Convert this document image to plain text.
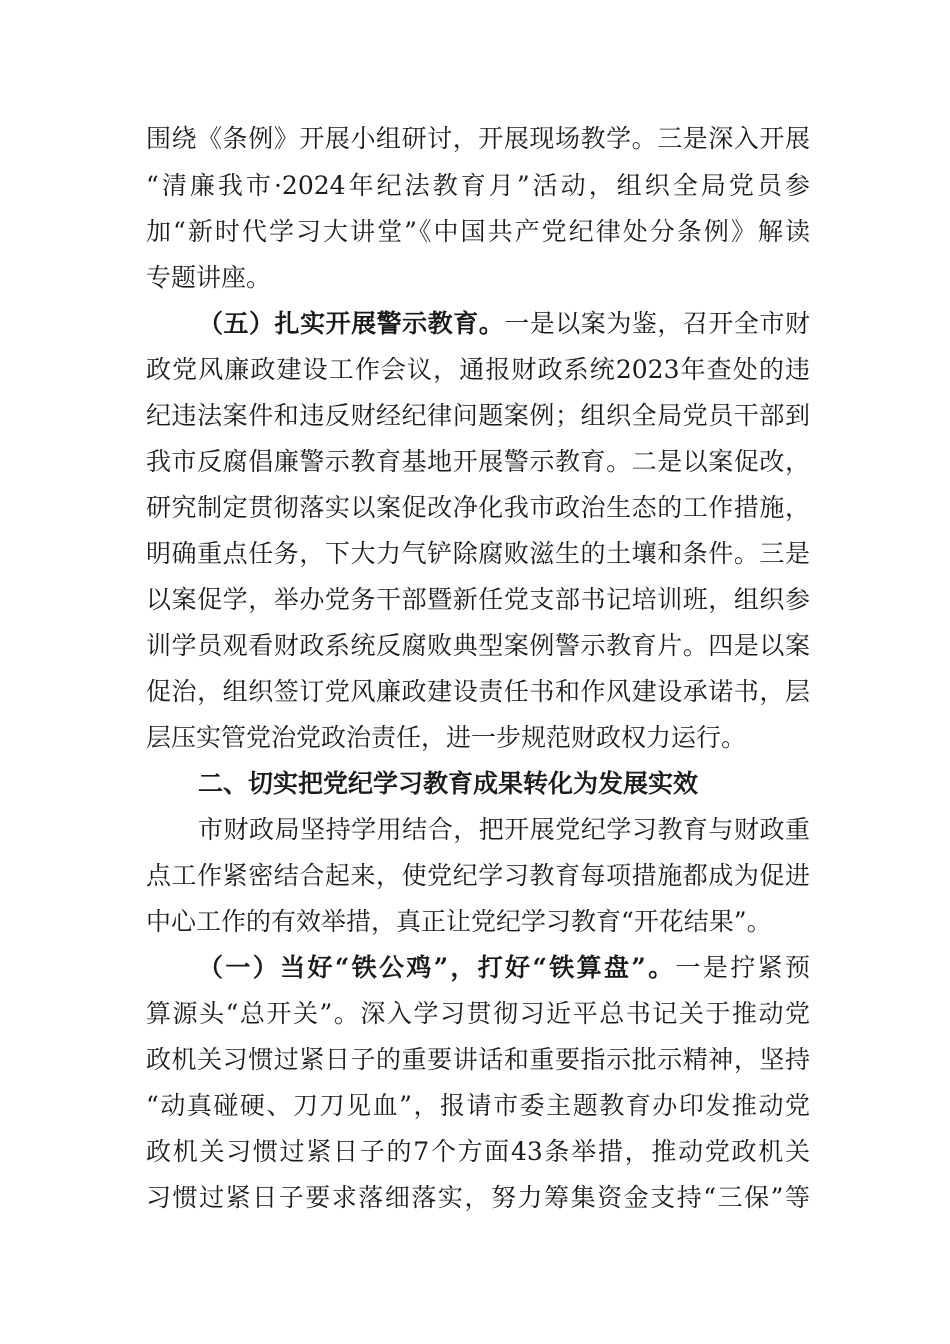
围绕《条例》开展小组研讨，开展现场教学。三是深入开展
“清廉我市·2024年纪法教育月”活动，组织全局党员参
加“新时代学习大讲堂”《中国共产党纪律处分条例》解读
专题讲座。
（五）扎实开展警示教育。一是以案为鉴，召开全市财
政党风廉政建设工作会议，通报财政系统2023年查处的违
纪违法案件和违反财经纪律问题案例；组织全局党员干部到
我市反腐倡廉警示教育基地开展警示教育。二是以案促改，
研究制定贯彻落实以案促改净化我市政治生态的工作措施，
明确重点任务，下大力气铲除腐败滋生的土壤和条件。三是
以案促学，举办党务干部暨新任党支部书记培训班，组织参
训学员观看财政系统反腐败典型案例警示教育片。四是以案
促治，组织签订党风廉政建设责任书和作风建设承诺书，层
层压实管党治党政治责任，进一步规范财政权力运行。
二、切实把党纪学习教育成果转化为发展实效
市财政局坚持学用结合，把开展党纪学习教育与财政重
点工作紧密结合起来，使党纪学习教育每项措施都成为促进
中心工作的有效举措，真正让党纪学习教育“开花结果”。
（一）当好“铁公鸡”，打好“铁算盘”。一是拧紧预
算源头“总开关”。深入学习贯彻习近平总书记关于推动党
政机关习惯过紧日子的重要讲话和重要指示批示精神，坚持
“动真碰硬、刀刀见血”，报请市委主题教育办印发推动党
政机关习惯过紧日子的7个方面43条举措，推动党政机关
习惯过紧日子要求落细落实，努力筹集资金支持“三保”等
